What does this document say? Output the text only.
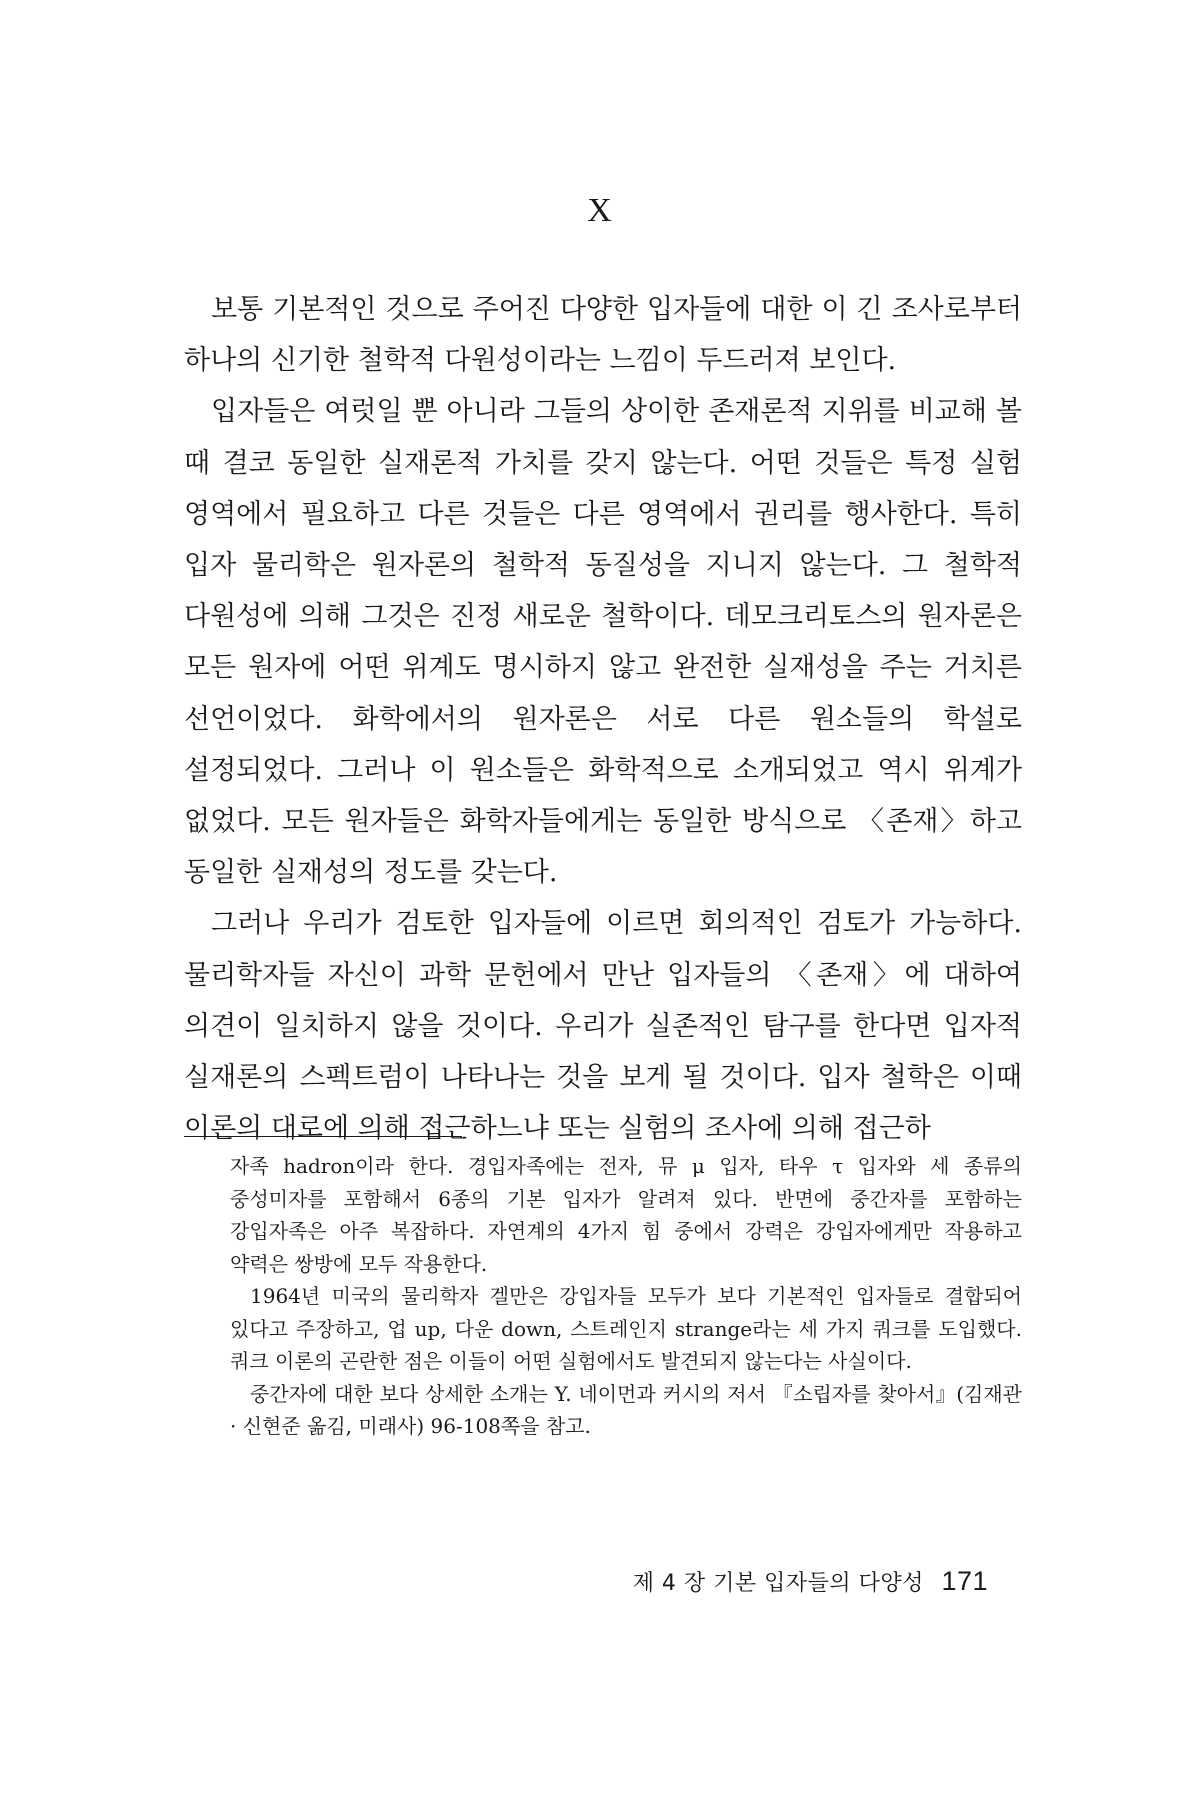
X

보통 기본적인 것으로 주어진 다양한 입자들에 대한 이 긴 조사로부터 하나의 신기한 철학적 다원성이라는 느낌이 두드러져 보인다.

입자들은 여럿일 뿐 아니라 그들의 상이한 존재론적 지위를 비교해 볼 때 결코 동일한 실재론적 가치를 갖지 않는다. 어떤 것들은 특정 실험 영역에서 필요하고 다른 것들은 다른 영역에서 권리를 행사한다. 특히 입자 물리학은 원자론의 철학적 동질성을 지니지 않는다. 그 철학적 다원성에 의해 그것은 진정 새로운 철학이다. 데모크리토스의 원자론은 모든 원자에 어떤 위계도 명시하지 않고 완전한 실재성을 주는 거치른 선언이었다. 화학에서의 원자론은 서로 다른 원소들의 학설로 설정되었다. 그러나 이 원소들은 화학적으로 소개되었고 역시 위계가 없었다. 모든 원자들은 화학자들에게는 동일한 방식으로 〈존재〉하고 동일한 실재성의 정도를 갖는다.

그러나 우리가 검토한 입자들에 이르면 회의적인 검토가 가능하다. 물리학자들 자신이 과학 문헌에서 만난 입자들의 〈존재〉에 대하여 의견이 일치하지 않을 것이다. 우리가 실존적인 탐구를 한다면 입자적 실재론의 스펙트럼이 나타나는 것을 보게 될 것이다. 입자 철학은 이때 이론의 대로에 의해 접근하느냐 또는 실험의 조사에 의해 접근하

자족 hadron이라 한다. 경입자족에는 전자, 뮤 μ 입자, 타우 τ 입자와 세 종류의 중성미자를 포함해서 6종의 기본 입자가 알려져 있다. 반면에 중간자를 포함하는 강입자족은 아주 복잡하다. 자연계의 4가지 힘 중에서 강력은 강입자에게만 작용하고 약력은 쌍방에 모두 작용한다.

1964년 미국의 물리학자 겔만은 강입자들 모두가 보다 기본적인 입자들로 결합되어 있다고 주장하고, 업 up, 다운 down, 스트레인지 strange라는 세 가지 쿼크를 도입했다. 쿼크 이론의 곤란한 점은 이들이 어떤 실험에서도 발견되지 않는다는 사실이다.

중간자에 대한 보다 상세한 소개는 Y. 네이먼과 커시의 저서 『소립자를 찾아서』(김재관 · 신현준 옮김, 미래사) 96-108쪽을 참고.

제 4 장 기본 입자들의 다양성 171
